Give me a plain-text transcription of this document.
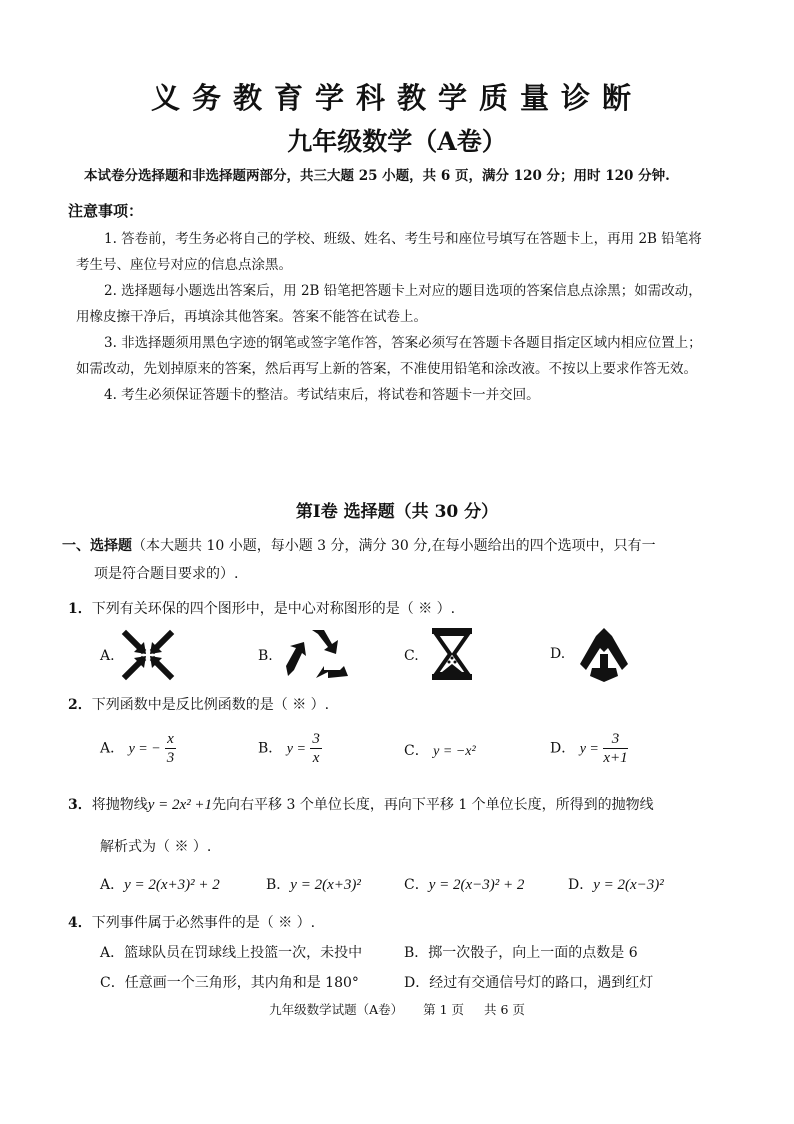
义务教育学科教学质量诊断
九年级数学（A卷）
本试卷分选择题和非选择题两部分，共三大题 25 小题，共 6 页，满分 120 分；用时 120 分钟.
注意事项：

1. 答卷前，考生务必将自己的学校、班级、姓名、考生号和座位号填写在答题卡上，再用 2B 铅笔将考生号、座位号对应的信息点涂黑。

2. 选择题每小题选出答案后，用 2B 铅笔把答题卡上对应的题目选项的答案信息点涂黑；如需改动，用橡皮擦干净后，再填涂其他答案。答案不能答在试卷上。

3. 非选择题须用黑色字迹的钢笔或签字笔作答，答案必须写在答题卡各题目指定区域内相应位置上；如需改动，先划掉原来的答案，然后再写上新的答案，不准使用铅笔和涂改液。不按以上要求作答无效。

4. 考生必须保证答题卡的整洁。考试结束后，将试卷和答题卡一并交回。

第Ⅰ卷 选择题（共 30 分）
一、选择题（本大题共 10 小题，每小题 3 分，满分 30 分,在每小题给出的四个选项中，只有一
项是符合题目要求的）.
1．下列有关环保的四个图形中，是中心对称图形的是（ ※ ）.
A.	B.	C.	D.
2．下列函数中是反比例函数的是（ ※ ）.
A． y = − $\frac{x}{3}$	B． $y = \frac{3}{x}$	C． y = −x²	D． $y = \frac{3}{x+1}$
3．将抛物线y = 2x² +1先向右平移 3 个单位长度，再向下平移 1 个单位长度，所得到的抛物线
解析式为（ ※ ）.
A．y = 2(x+3)² + 2	B．y = 2(x+3)²	C．y = 2(x−3)² + 2	D．y = 2(x−3)²
4．下列事件属于必然事件的是（ ※ ）.
A．篮球队员在罚球线上投篮一次，未投中	B．掷一次骰子，向上一面的点数是 6
C．任意画一个三角形，其内角和是 180°	D．经过有交通信号灯的路口，遇到红灯
九年级数学试题（A卷） 第 1 页 共 6 页
